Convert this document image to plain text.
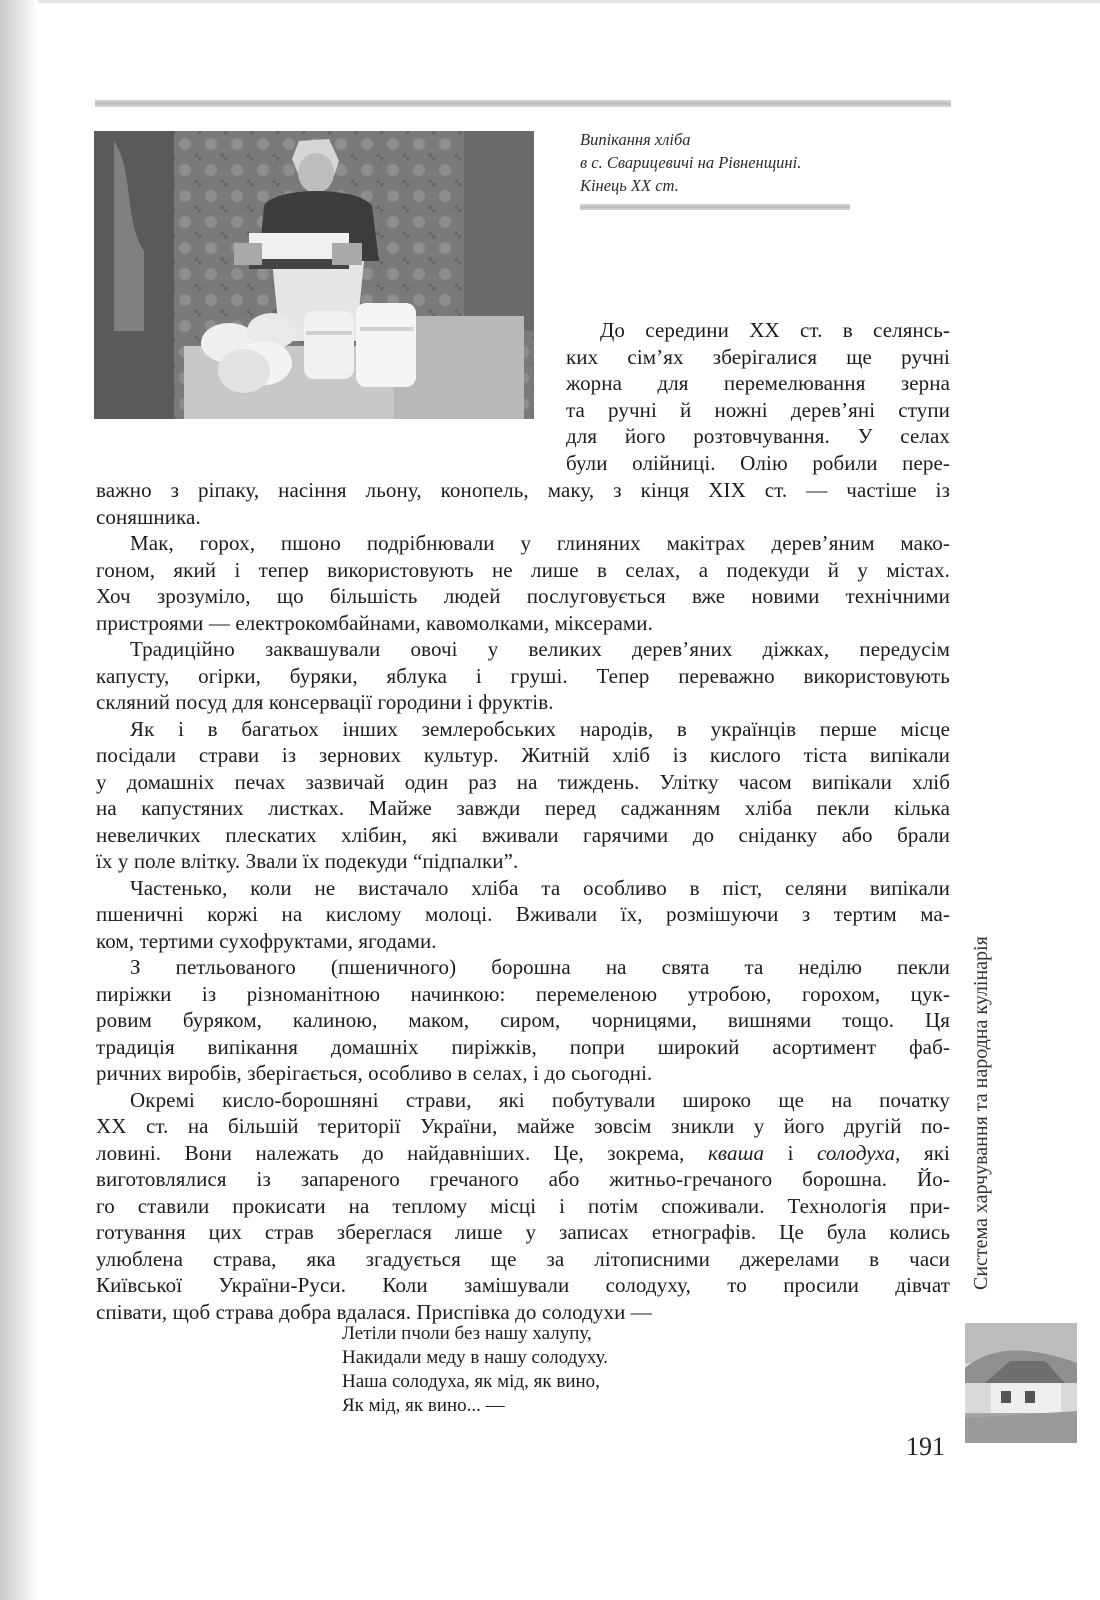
Випікання хліба
в с. Сварицевичі на Рівненщині.
Кінець XX ст.
До середини XX ст. в селянсь-
ких сім’ях зберігалися ще ручні
жорна для перемелювання зерна
та ручні й ножні дерев’яні ступи
для його розтовчування. У селах
були олійниці. Олію робили пере-
важно з ріпаку, насіння льону, конопель, маку, з кінця XIX ст. — частіше із
соняшника.
Мак, горох, пшоно подрібнювали у глиняних макітрах дерев’яним мако-
гоном, який і тепер використовують не лише в селах, а подекуди й у містах.
Хоч зрозуміло, що більшість людей послуговується вже новими технічними
пристроями — електрокомбайнами, кавомолками, міксерами.
Традиційно заквашували овочі у великих дерев’яних діжках, передусім
капусту, огірки, буряки, яблука і груші. Тепер переважно використовують
скляний посуд для консервації городини і фруктів.
Як і в багатьох інших землеробських народів, в українців перше місце
посідали страви із зернових культур. Житній хліб із кислого тіста випікали
у домашніх печах зазвичай один раз на тиждень. Улітку часом випікали хліб
на капустяних листках. Майже завжди перед саджанням хліба пекли кілька
невеличких плескатих хлібин, які вживали гарячими до сніданку або брали
їх у поле влітку. Звали їх подекуди “підпалки”.
Частенько, коли не вистачало хліба та особливо в піст, селяни випікали
пшеничні коржі на кислому молоці. Вживали їх, розмішуючи з тертим ма-
ком, тертими сухофруктами, ягодами.
З петльованого (пшеничного) борошна на свята та неділю пекли
пиріжки із різноманітною начинкою: перемеленою утробою, горохом, цук-
ровим буряком, калиною, маком, сиром, чорницями, вишнями тощо. Ця
традиція випікання домашніх пиріжків, попри широкий асортимент фаб-
ричних виробів, зберігається, особливо в селах, і до сьогодні.
Окремі кисло-борошняні страви, які побутували широко ще на початку
XX ст. на більшій території України, майже зовсім зникли у його другій по-
ловині. Вони належать до найдавніших. Це, зокрема, кваша і солодуха, які
виготовлялися із запареного гречаного або житньо-гречаного борошна. Йо-
го ставили прокисати на теплому місці і потім споживали. Технологія при-
готування цих страв збереглася лише у записах етнографів. Це була колись
улюблена страва, яка згадується ще за літописними джерелами в часи
Київської України-Руси. Коли замішували солодуху, то просили дівчат
співати, щоб страва добра вдалася. Приспівка до солодухи —
Летіли пчоли без нашу халупу,
Накидали меду в нашу солодуху.
Наша солодуха, як мід, як вино,
Як мід, як вино... —
Система харчування та народна кулінарія
191
